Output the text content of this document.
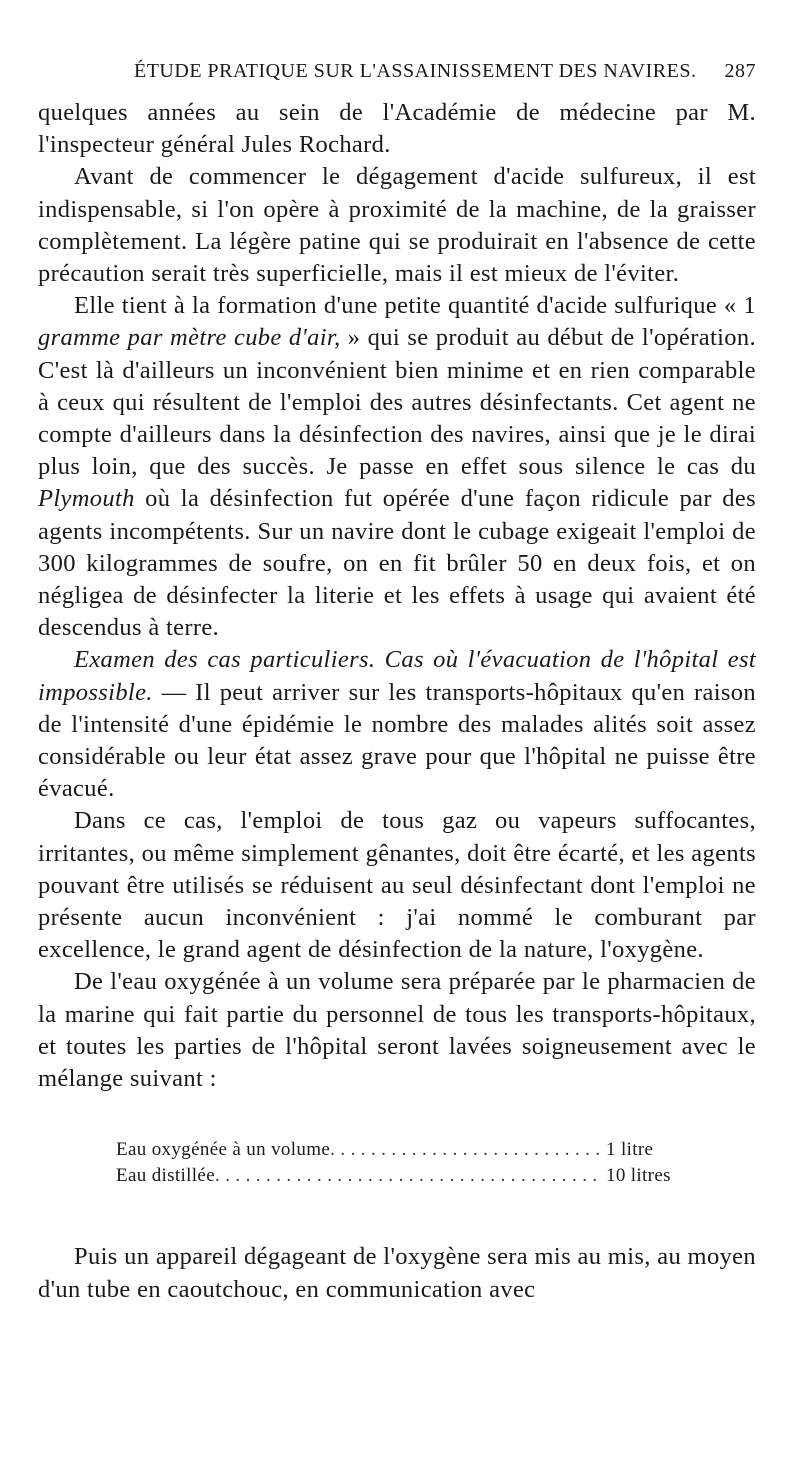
ÉTUDE PRATIQUE SUR L'ASSAINISSEMENT DES NAVIRES. 287

quelques années au sein de l'Académie de médecine par M. l'inspecteur général Jules Rochard.

Avant de commencer le dégagement d'acide sulfureux, il est indispensable, si l'on opère à proximité de la machine, de la graisser complètement. La légère patine qui se produirait en l'absence de cette précaution serait très superficielle, mais il est mieux de l'éviter.

Elle tient à la formation d'une petite quantité d'acide sulfurique « 1 gramme par mètre cube d'air, » qui se produit au début de l'opération. C'est là d'ailleurs un inconvénient bien minime et en rien comparable à ceux qui résultent de l'emploi des autres désinfectants. Cet agent ne compte d'ailleurs dans la désinfection des navires, ainsi que je le dirai plus loin, que des succès. Je passe en effet sous silence le cas du Plymouth où la désinfection fut opérée d'une façon ridicule par des agents incompétents. Sur un navire dont le cubage exigeait l'emploi de 300 kilogrammes de soufre, on en fit brûler 50 en deux fois, et on négligea de désinfecter la literie et les effets à usage qui avaient été descendus à terre.

Examen des cas particuliers. Cas où l'évacuation de l'hôpital est impossible. — Il peut arriver sur les transports-hôpitaux qu'en raison de l'intensité d'une épidémie le nombre des malades alités soit assez considérable ou leur état assez grave pour que l'hôpital ne puisse être évacué.

Dans ce cas, l'emploi de tous gaz ou vapeurs suffocantes, irritantes, ou même simplement gênantes, doit être écarté, et les agents pouvant être utilisés se réduisent au seul désinfectant dont l'emploi ne présente aucun inconvénient : j'ai nommé le comburant par excellence, le grand agent de désinfection de la nature, l'oxygène.

De l'eau oxygénée à un volume sera préparée par le pharmacien de la marine qui fait partie du personnel de tous les transports-hôpitaux, et toutes les parties de l'hôpital seront lavées soigneusement avec le mélange suivant :

Eau oxygénée à un volume . . .	1 litre
Eau distillée . . .	10 litres

Puis un appareil dégageant de l'oxygène sera mis au mis, au moyen d'un tube en caoutchouc, en communication avec
